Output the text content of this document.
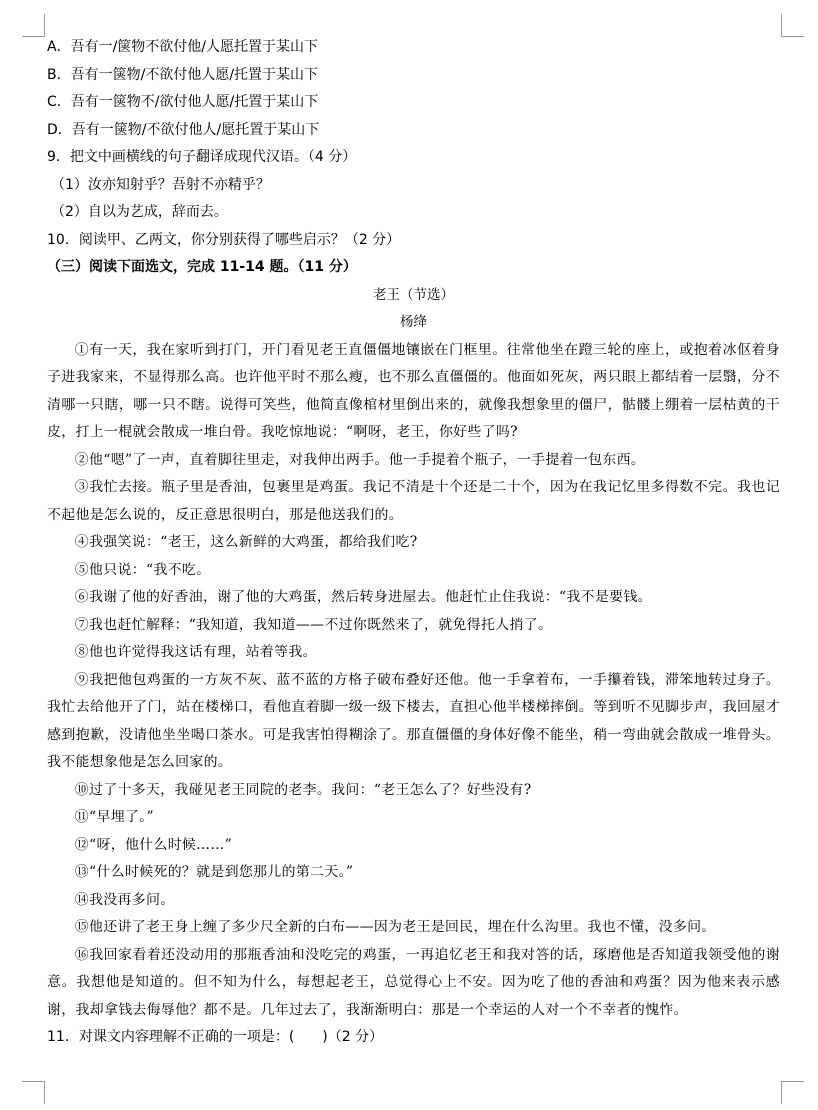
A．吾有一/箧物不欲付他/人愿托置于某山下
B．吾有一箧物/不欲付他人愿/托置于某山下
C．吾有一箧物不/欲付他人愿/托置于某山下
D．吾有一箧物/不欲付他人/愿托置于某山下
9．把文中画横线的句子翻译成现代汉语。（4 分）
（1）汝亦知射乎？吾射不亦精乎？
（2）自以为艺成，辞而去。
10．阅读甲、乙两文，你分别获得了哪些启示？（2 分）
（三）阅读下面选文，完成 11-14 题。（11 分）
老王（节选）
杨绛

①有一天，我在家听到打门，开门看见老王直僵僵地镶嵌在门框里。往常他坐在蹬三轮的座上，或抱着冰伛着身子进我家来，不显得那么高。也许他平时不那么瘦，也不那么直僵僵的。他面如死灰，两只眼上都结着一层翳，分不清哪一只瞎，哪一只不瞎。说得可笑些，他简直像棺材里倒出来的，就像我想象里的僵尸，骷髅上绷着一层枯黄的干皮，打上一棍就会散成一堆白骨。我吃惊地说：“啊呀，老王，你好些了吗?

②他“嗯”了一声，直着脚往里走，对我伸出两手。他一手提着个瓶子，一手提着一包东西。

③我忙去接。瓶子里是香油，包裹里是鸡蛋。我记不清是十个还是二十个，因为在我记忆里多得数不完。我也记不起他是怎么说的，反正意思很明白，那是他送我们的。

④我强笑说：“老王，这么新鲜的大鸡蛋，都给我们吃?

⑤他只说：“我不吃。

⑥我谢了他的好香油，谢了他的大鸡蛋，然后转身进屋去。他赶忙止住我说：“我不是要钱。

⑦我也赶忙解释：“我知道，我知道——不过你既然来了，就免得托人捎了。

⑧他也许觉得我这话有理，站着等我。

⑨我把他包鸡蛋的一方灰不灰、蓝不蓝的方格子破布叠好还他。他一手拿着布，一手攥着钱，滞笨地转过身子。我忙去给他开了门，站在楼梯口，看他直着脚一级一级下楼去，直担心他半楼梯摔倒。等到听不见脚步声，我回屋才感到抱歉，没请他坐坐喝口茶水。可是我害怕得糊涂了。那直僵僵的身体好像不能坐，稍一弯曲就会散成一堆骨头。我不能想象他是怎么回家的。

⑩过了十多天，我碰见老王同院的老李。我问：“老王怎么了？好些没有?

⑪“早埋了。”

⑫“呀，他什么时候……”

⑬“什么时候死的？就是到您那儿的第二天。”

⑭我没再多问。

⑮他还讲了老王身上缠了多少尺全新的白布——因为老王是回民，埋在什么沟里。我也不懂，没多问。

⑯我回家看着还没动用的那瓶香油和没吃完的鸡蛋，一再追忆老王和我对答的话，琢磨他是否知道我领受他的谢意。我想他是知道的。但不知为什么，每想起老王，总觉得心上不安。因为吃了他的香油和鸡蛋？因为他来表示感谢，我却拿钱去侮辱他？都不是。几年过去了，我渐渐明白：那是一个幸运的人对一个不幸者的愧怍。

11．对课文内容理解不正确的一项是：(　　)（2 分）
